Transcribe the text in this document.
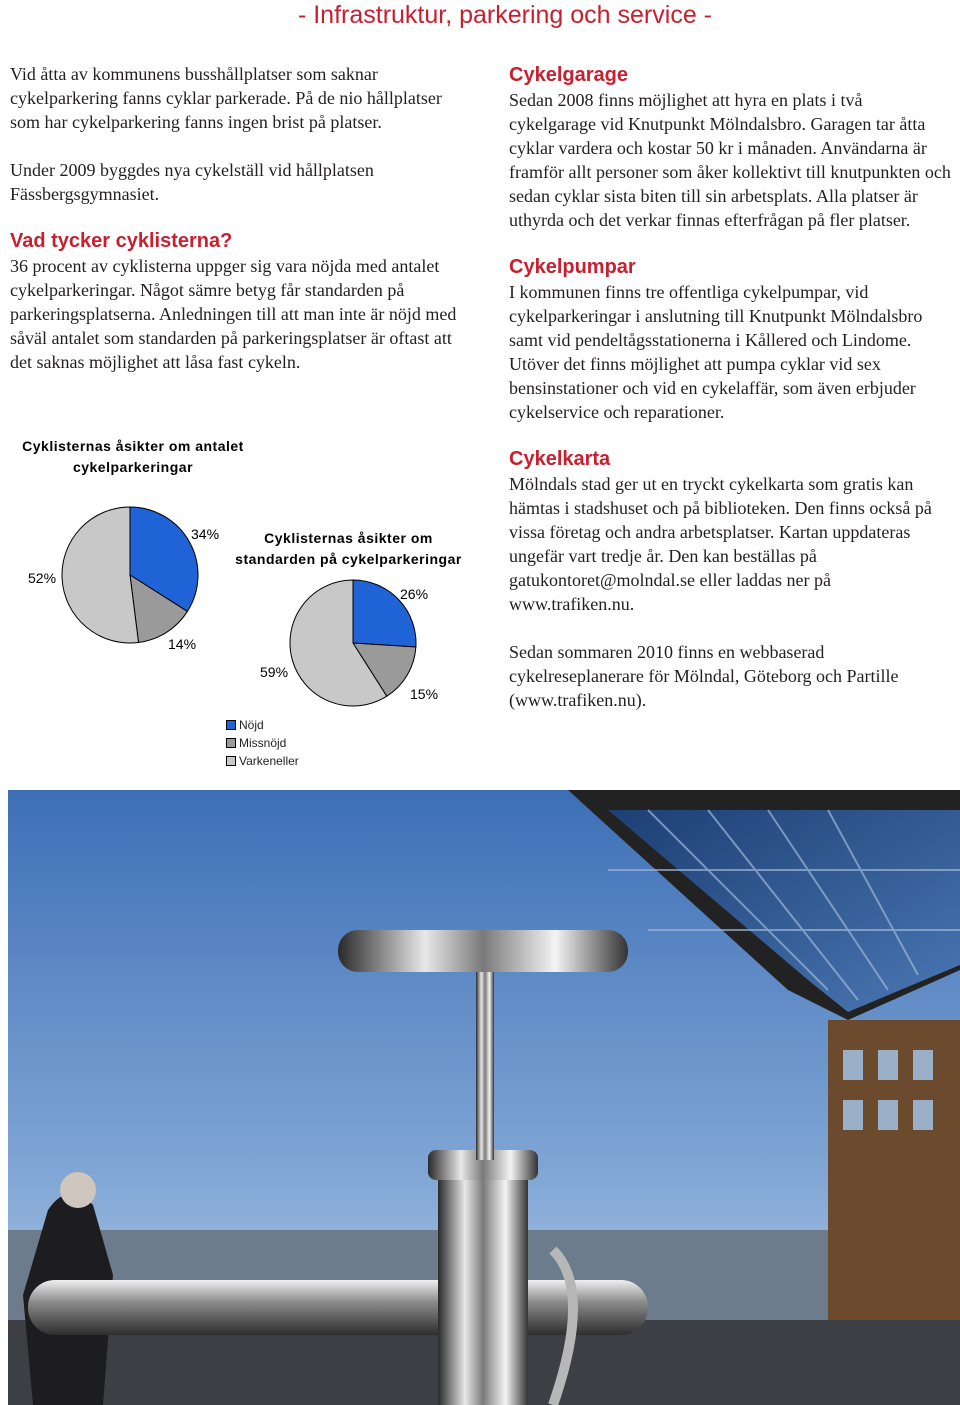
- Infrastruktur, parkering och service -

Vid åtta av kommunens busshållplatser som saknar cykelparkering fanns cyklar parkerade. På de nio hållplatser som har cykelparkering fanns ingen brist på platser.

Under 2009 byggdes nya cykelställ vid hållplatsen Fässbergsgymnasiet.

Vad tycker cyklisterna?

36 procent av cyklisterna uppger sig vara nöjda med antalet cykelparkeringar. Något sämre betyg får standarden på parkeringsplatserna. Anledningen till att man inte är nöjd med såväl antalet som standarden på parkeringsplatser är oftast att det saknas möjlighet att låsa fast cykeln.

Cykelgarage

Sedan 2008 finns möjlighet att hyra en plats i två cykelgarage vid Knutpunkt Mölndalsbro. Garagen tar åtta cyklar vardera och kostar 50 kr i månaden. Användarna är framför allt personer som åker kollektivt till knutpunkten och sedan cyklar sista biten till sin arbetsplats. Alla platser är uthyrda och det verkar finnas efterfrågan på fler platser.

Cykelpumpar

I kommunen finns tre offentliga cykelpumpar, vid cykelparkeringar i anslutning till Knutpunkt Mölndalsbro samt vid pendeltågsstationerna i Kållered och Lindome. Utöver det finns möjlighet att pumpa cyklar vid sex bensinstationer och vid en cykelaffär, som även erbjuder cykelservice och reparationer.

Cykelkarta

Mölndals stad ger ut en tryckt cykelkarta som gratis kan hämtas i stadshuset och på biblioteken. Den finns också på vissa företag och andra arbetsplatser. Kartan uppdateras ungefär vart tredje år. Den kan beställas på gatukontoret@molndal.se eller laddas ner på www.trafiken.nu.

Sedan sommaren 2010 finns en webbaserad cykelreseplanerare för Mölndal, Göteborg och Partille (www.trafiken.nu).

Cyklisternas åsikter om antalet cykelparkeringar
34%
14%
52%
Cyklisternas åsikter om standarden på cykelparkeringar
26%
15%
59%
Nöjd
Missnöjd
Varkeneller
